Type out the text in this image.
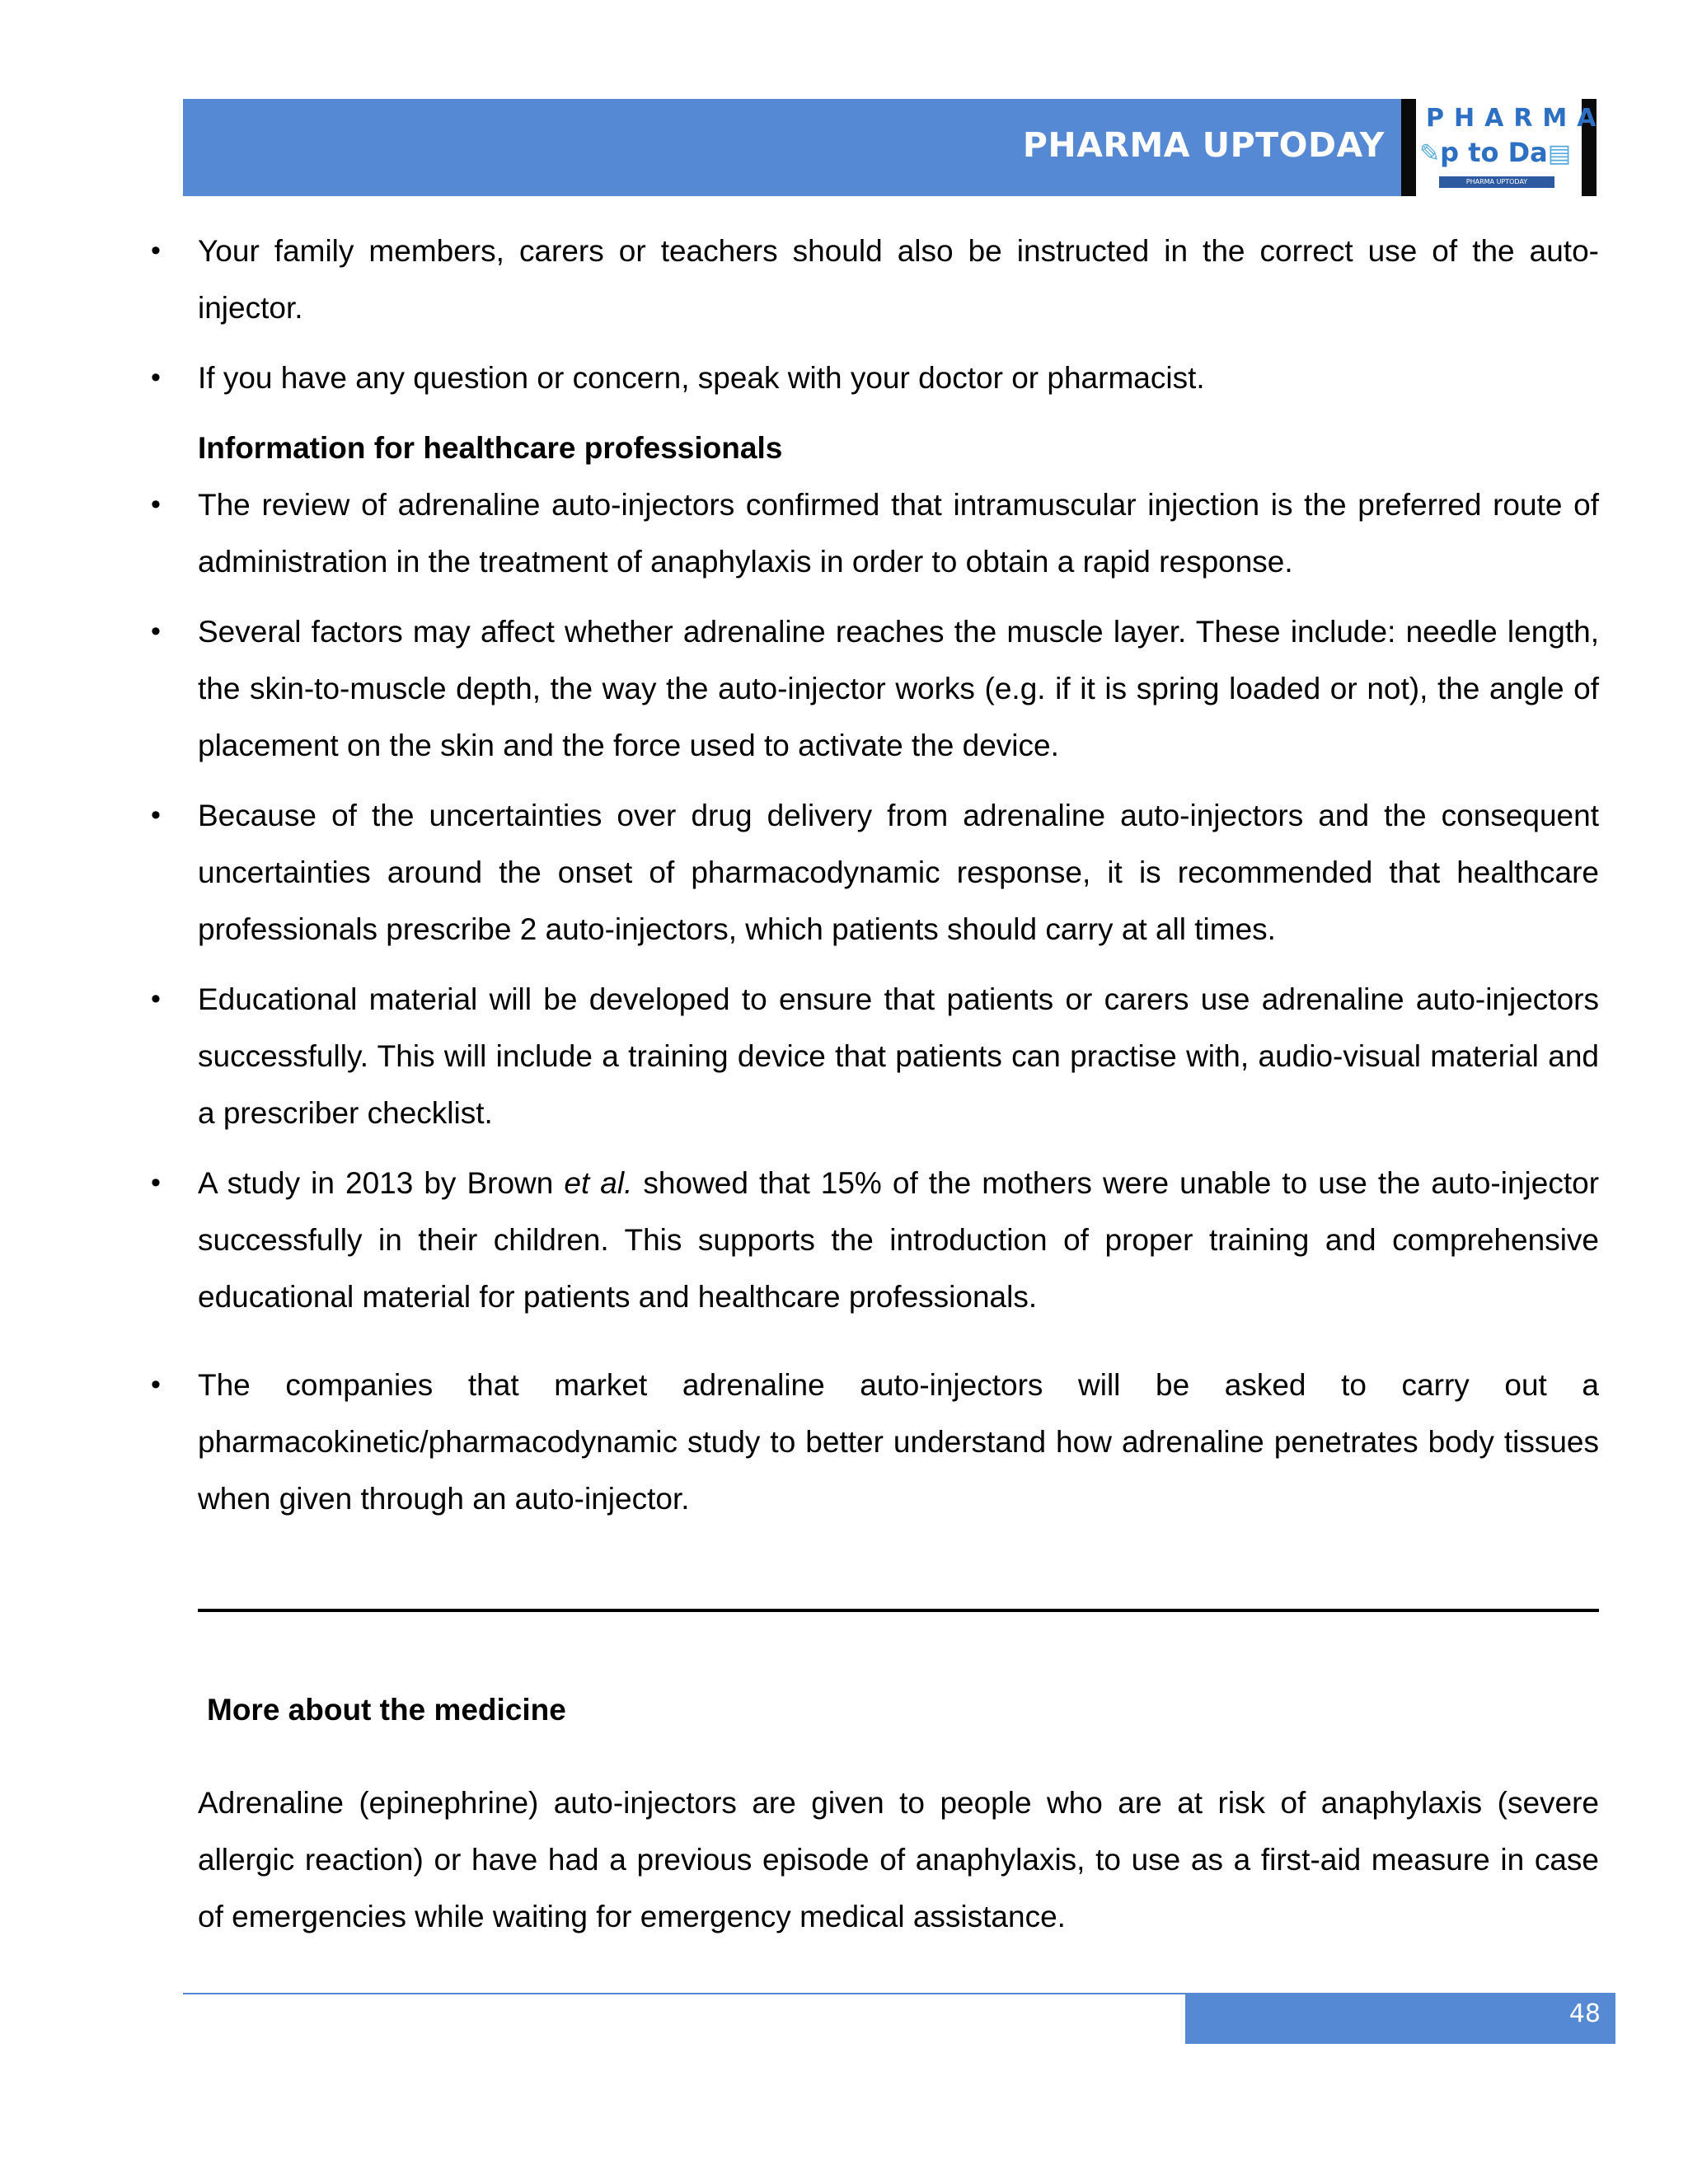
PHARMA UPTODAY
PHARMA
✎p to Da▤
PHARMA UPTODAY
• Your family members, carers or teachers should also be instructed in the correct use of the auto-injector.
• If you have any question or concern, speak with your doctor or pharmacist.

Information for healthcare professionals

• The review of adrenaline auto-injectors confirmed that intramuscular injection is the preferred route of administration in the treatment of anaphylaxis in order to obtain a rapid response.
• Several factors may affect whether adrenaline reaches the muscle layer. These include: needle length, the skin-to-muscle depth, the way the auto-injector works (e.g. if it is spring loaded or not), the angle of placement on the skin and the force used to activate the device.
• Because of the uncertainties over drug delivery from adrenaline auto-injectors and the consequent uncertainties around the onset of pharmacodynamic response, it is recommended that healthcare professionals prescribe 2 auto-injectors, which patients should carry at all times.
• Educational material will be developed to ensure that patients or carers use adrenaline auto-injectors successfully. This will include a training device that patients can practise with, audio-visual material and a prescriber checklist.
• A study in 2013 by Brown et al. showed that 15% of the mothers were unable to use the auto-injector successfully in their children. This supports the introduction of proper training and comprehensive educational material for patients and healthcare professionals.
• The companies that market adrenaline auto-injectors will be asked to carry out a pharmacokinetic/pharmacodynamic study to better understand how adrenaline penetrates body tissues when given through an auto-injector.

More about the medicine

Adrenaline (epinephrine) auto-injectors are given to people who are at risk of anaphylaxis (severe allergic reaction) or have had a previous episode of anaphylaxis, to use as a first-aid measure in case of emergencies while waiting for emergency medical assistance.

48
